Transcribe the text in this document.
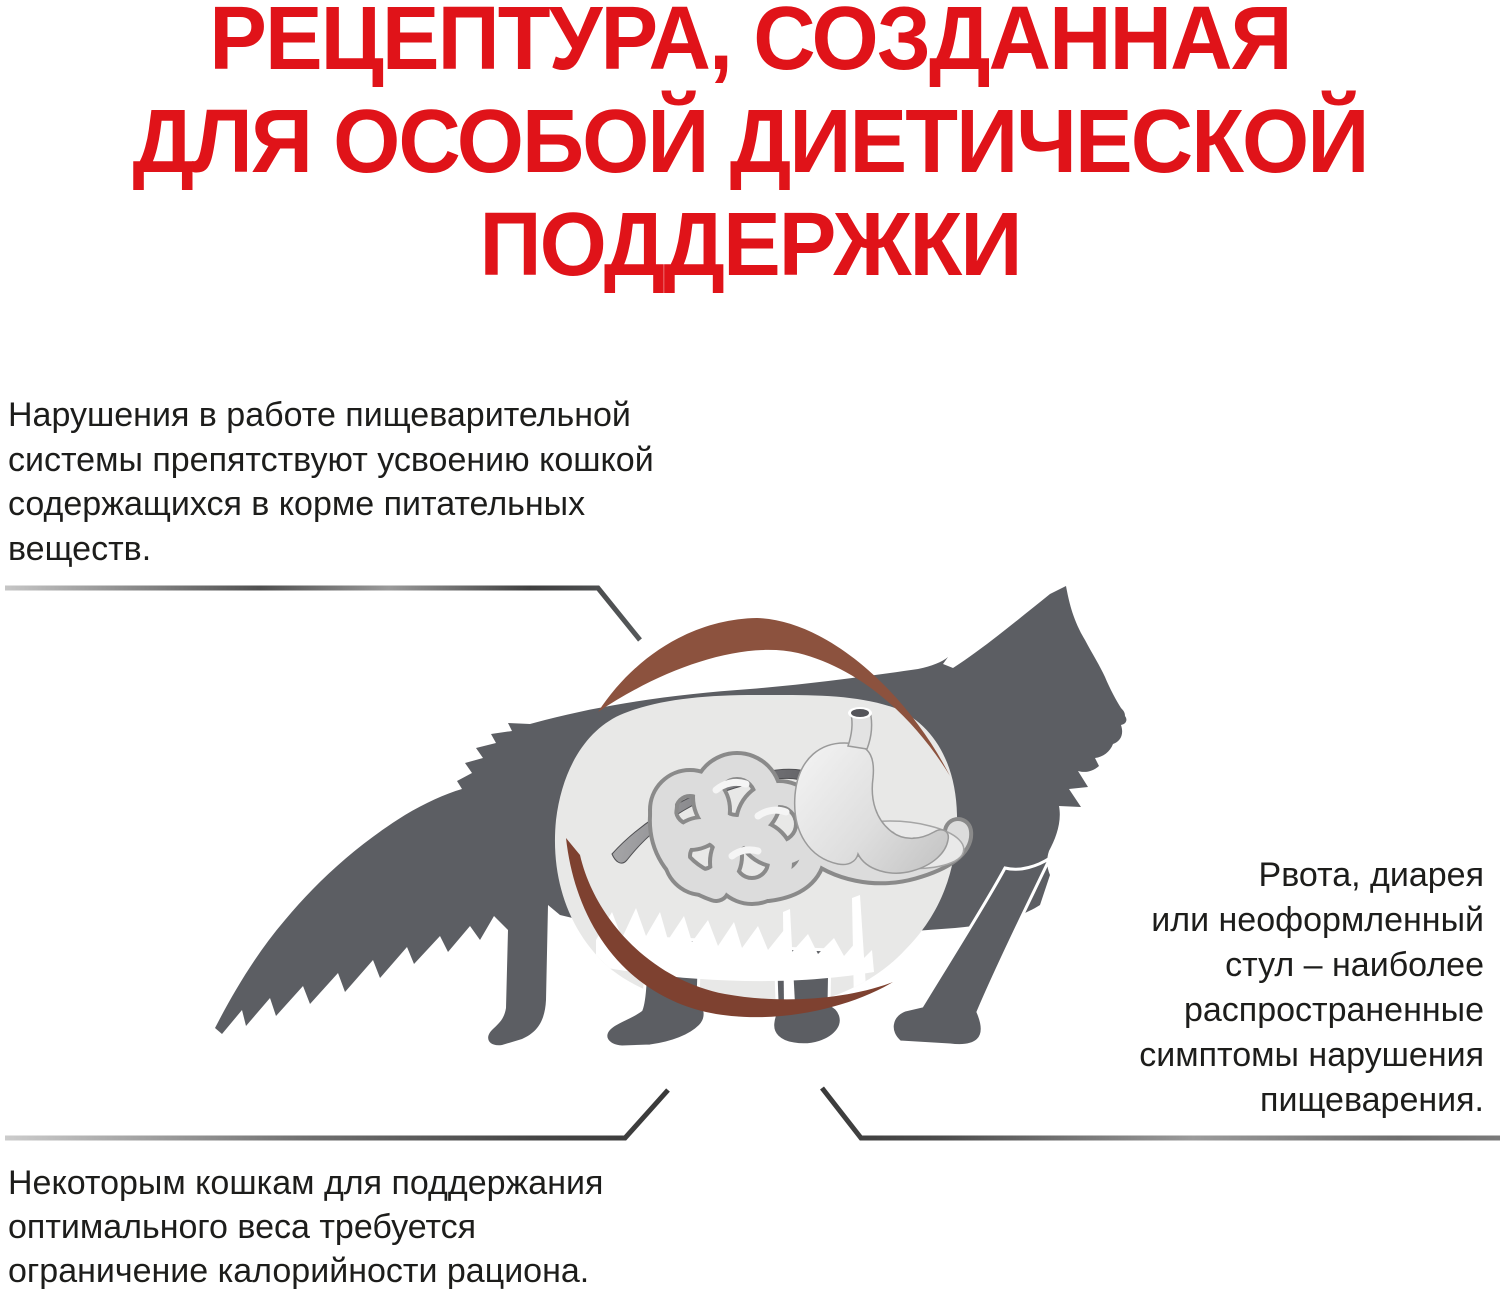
РЕЦЕПТУРА, СОЗДАННАЯ
ДЛЯ ОСОБОЙ ДИЕТИЧЕСКОЙ
ПОДДЕРЖКИ
Нарушения в работе пищеварительной
системы препятствуют усвоению кошкой
содержащихся в корме питательных
веществ.
Рвота, диарея
или неоформленный
стул – наиболее
распространенные
симптомы нарушения
пищеварения.
Некоторым кошкам для поддержания
оптимального веса требуется
ограничение калорийности рациона.
